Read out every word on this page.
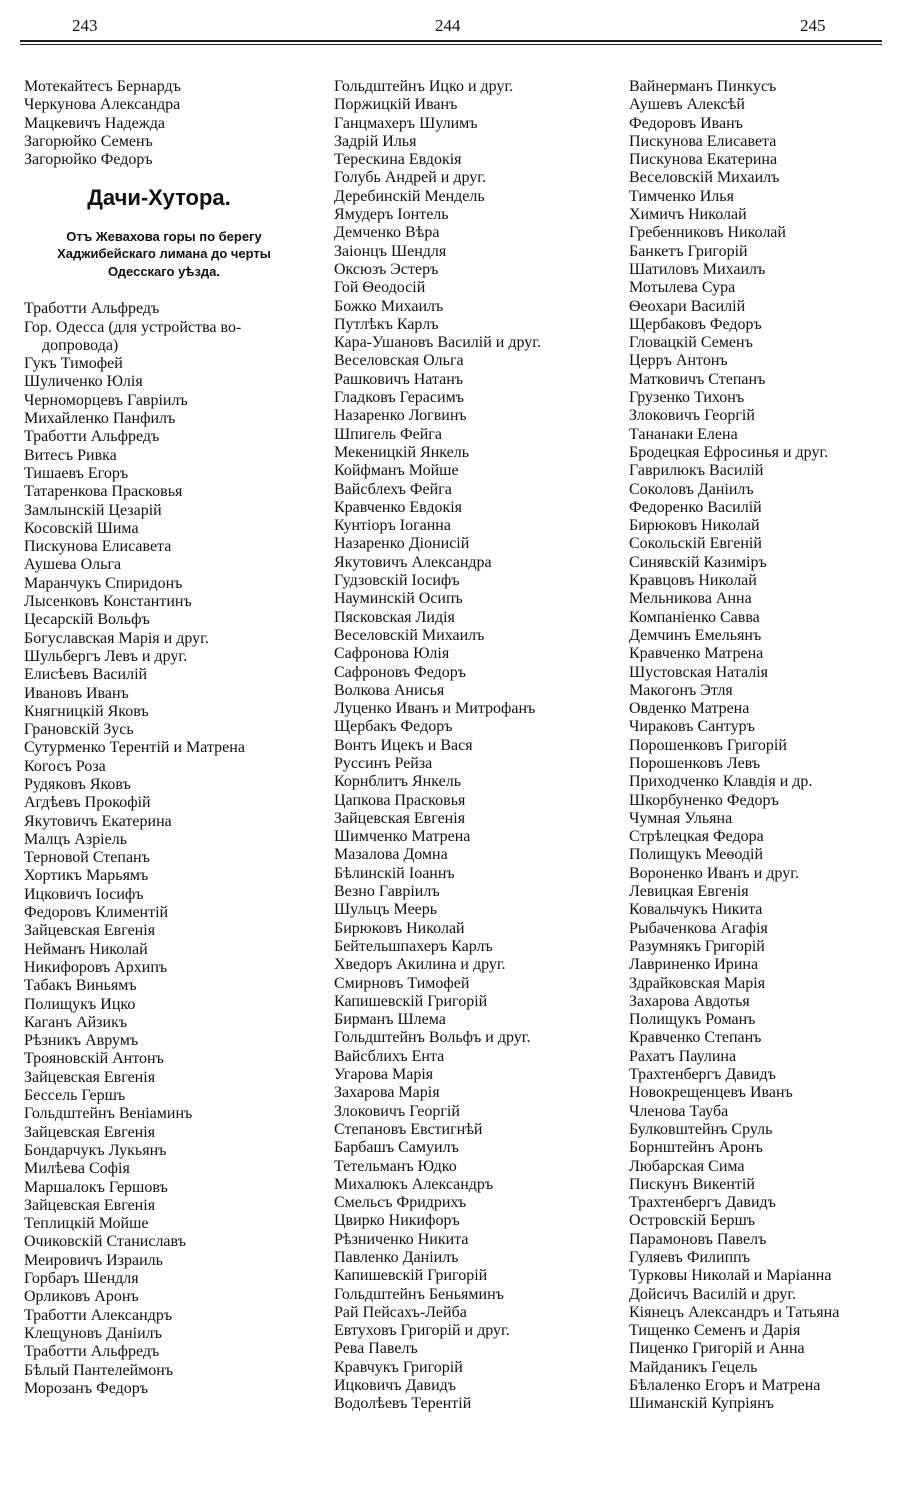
243	244	245
Мотекайтесъ Бернардъ
Черкунова Александра
Мацкевичъ Надежда
Загорюйко Семенъ
Загорюйко Федоръ
Дачи-Хутора.
Отъ Жевахова горы по берегу
Хаджибейскаго лимана до черты
Одесскаго уѣзда.
Тработти Альфредъ
Гор. Одесса (для устройства во-
допровода)
Гукъ Тимофей
Шуличенко Юлія
Черноморцевъ Гавріилъ
Михайленко Панфилъ
Тработти Альфредъ
Витесъ Ривка
Тишаевъ Егоръ
Татаренкова Прасковья
Замлынскій Цезарій
Косовскій Шима
Пискунова Елисавета
Аушева Ольга
Маранчукъ Спиридонъ
Лысенковъ Константинъ
Цесарскій Вольфъ
Богуславская Марія и друг.
Шульбергъ Левъ и друг.
Елисѣевъ Василій
Ивановъ Иванъ
Княгницкій Яковъ
Грановскій Зусь
Сутурменко Терентій и Матрена
Когосъ Роза
Рудяковъ Яковъ
Агдѣевъ Прокофій
Якутовичъ Екатерина
Малцъ Азріель
Терновой Степанъ
Хортикъ Марьямъ
Ицковичъ Іосифъ
Федоровъ Климентій
Зайцевская Евгенія
Нейманъ Николай
Никифоровъ Архипъ
Табакъ Виньямъ
Полищукъ Ицко
Каганъ Айзикъ
Рѣзникъ Аврумъ
Трояновскій Антонъ
Зайцевская Евгенія
Бессель Гершъ
Гольдштейнъ Веніаминъ
Зайцевская Евгенія
Бондарчукъ Лукьянъ
Милѣева Софія
Маршалокъ Гершовъ
Зайцевская Евгенія
Теплицкій Мойше
Очиковскій Станиславъ
Меировичъ Израиль
Горбаръ Шендля
Орликовъ Аронъ
Тработти Александръ
Клещуновъ Даніилъ
Тработти Альфредъ
Бѣлый Пантелеймонъ
Морозанъ Федоръ
Гольдштейнъ Ицко и друг.
Поржицкій Иванъ
Ганцмахеръ Шулимъ
Задрій Илья
Терескина Евдокія
Голубь Андрей и друг.
Деребинскій Мендель
Ямудеръ Іонтель
Демченко Вѣра
Заіонцъ Шендля
Оксюзъ Эстеръ
Гой Ѳеодосій
Божко Михаилъ
Путлѣкъ Карлъ
Кара-Ушановъ Василій и друг.
Веселовская Ольга
Рашковичъ Натанъ
Гладковъ Герасимъ
Назаренко Логвинъ
Шпигель Фейга
Мекеницкій Янкель
Койфманъ Мойше
Вайсблехъ Фейга
Кравченко Евдокія
Кунтіоръ Іоганна
Назаренко Діонисій
Якутовичъ Александра
Гудзовскій Іосифъ
Науминскій Осипъ
Пясковская Лидія
Веселовскій Михаилъ
Сафронова Юлія
Сафроновъ Федоръ
Волкова Анисья
Луценко Иванъ и Митрофанъ
Щербакъ Федоръ
Вонтъ Ицекъ и Вася
Руссинъ Рейза
Корнблитъ Янкель
Цапкова Прасковья
Зайцевская Евгенія
Шимченко Матрена
Мазалова Домна
Бѣлинскій Іоаннъ
Везно Гавріилъ
Шульцъ Меерь
Бирюковъ Николай
Бейтельшпахеръ Карлъ
Хведоръ Акилина и друг.
Смирновъ Тимофей
Капишевскій Григорій
Бирманъ Шлема
Гольдштейнъ Вольфъ и друг.
Вайсблихъ Ента
Угарова Марія
Захарова Марія
Злоковичъ Георгій
Степановъ Евстигнѣй
Барбашъ Самуилъ
Тетельманъ Юдко
Михалюкъ Александръ
Смельсъ Фридрихъ
Цвирко Никифоръ
Рѣзниченко Никита
Павленко Даніилъ
Капишевскій Григорій
Гольдштейнъ Беньяминъ
Рай Пейсахъ-Лейба
Евтуховъ Григорій и друг.
Рева Павелъ
Кравчукъ Григорій
Ицковичъ Давидъ
Водолѣевъ Терентій
Вайнерманъ Пинкусъ
Аушевъ Алексѣй
Федоровъ Иванъ
Пискунова Елисавета
Пискунова Екатерина
Веселовскій Михаилъ
Тимченко Илья
Химичъ Николай
Гребенниковъ Николай
Банкетъ Григорій
Шатиловъ Михаилъ
Мотылева Сура
Ѳеохари Василій
Щербаковъ Федоръ
Гловацкій Семенъ
Церръ Антонъ
Матковичъ Степанъ
Грузенко Тихонъ
Злоковичъ Георгій
Тананаки Елена
Бродецкая Ефросинья и друг.
Гаврилюкъ Василій
Соколовъ Даніилъ
Федоренко Василій
Бирюковъ Николай
Сокольскій Евгеній
Синявскій Казиміръ
Кравцовъ Николай
Мельникова Анна
Компаніенко Савва
Демчинъ Емельянъ
Кравченко Матрена
Шустовская Наталія
Макогонъ Этля
Овденко Матрена
Чираковъ Сантуръ
Порошенковъ Григорій
Порошенковъ Левъ
Приходченко Клавдія и др.
Шкорбуненко Федоръ
Чумная Ульяна
Стрѣлецкая Федора
Полищукъ Меѳодій
Вороненко Иванъ и друг.
Левицкая Евгенія
Ковальчукъ Никита
Рыбаченкова Агафія
Разумнякъ Григорій
Лавриненко Ирина
Здрайковская Марія
Захарова Авдотья
Полищукъ Романъ
Кравченко Степанъ
Рахатъ Паулина
Трахтенбергъ Давидъ
Новокрещенцевъ Иванъ
Членова Тауба
Булковштейнъ Сруль
Борнштейнъ Аронъ
Любарская Сима
Пискунъ Викентій
Трахтенбергъ Давидъ
Островскій Бершъ
Парамоновъ Павелъ
Гуляевъ Филиппъ
Турковы Николай и Маріанна
Дойсичъ Василій и друг.
Кіянецъ Александръ и Татьяна
Тищенко Семенъ и Дарія
Пиценко Григорій и Анна
Майданикъ Гецель
Бѣлаленко Егоръ и Матрена
Шиманскій Купріянъ
